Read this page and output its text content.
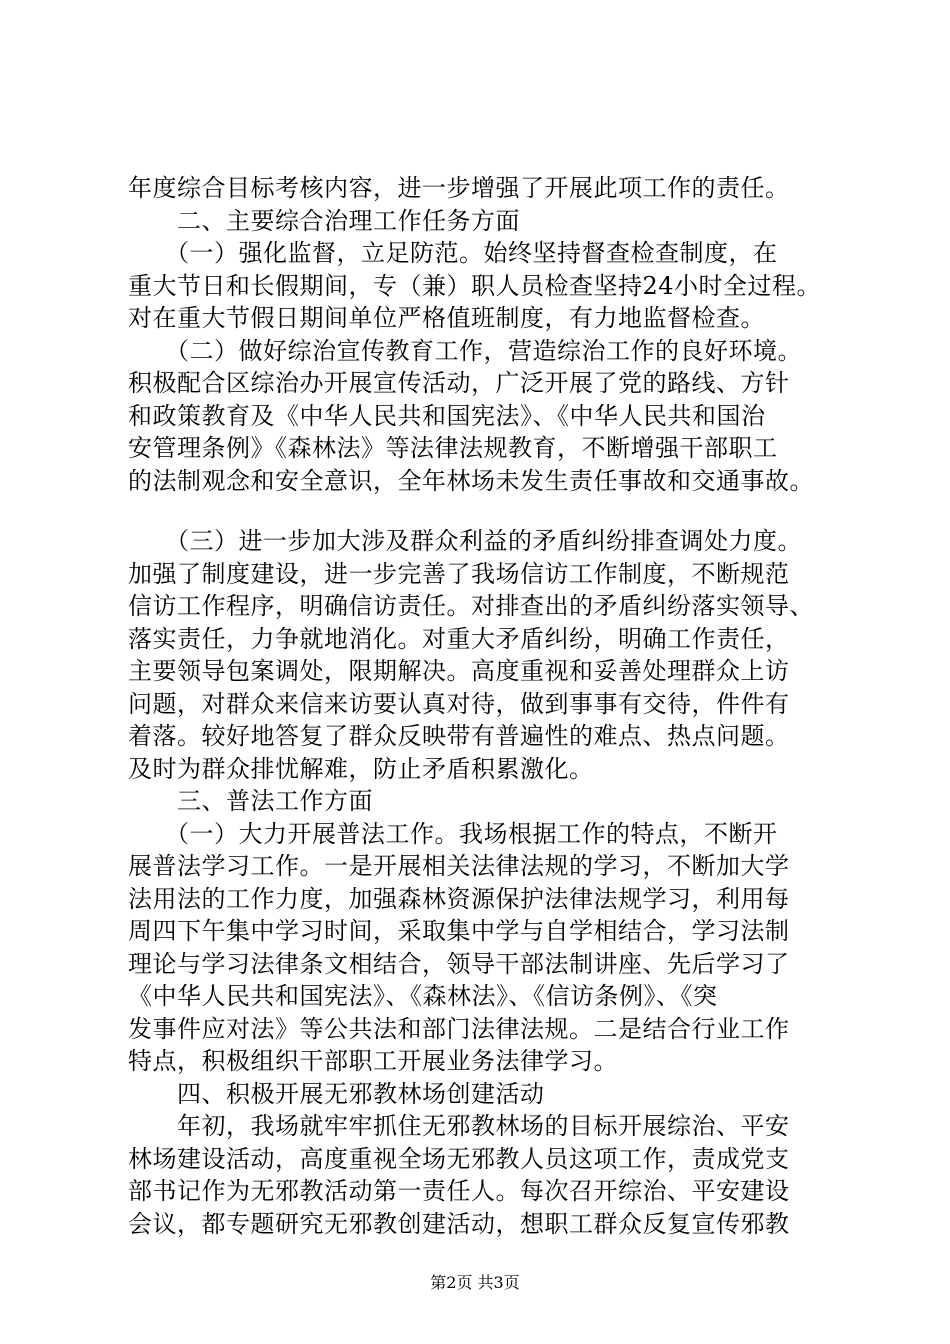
年度综合目标考核内容，进一步增强了开展此项工作的责任。
　　二、主要综合治理工作任务方面
　　（一）强化监督，立足防范。始终坚持督查检查制度，在
重大节日和长假期间，专（兼）职人员检查坚持24小时全过程。
对在重大节假日期间单位严格值班制度，有力地监督检查。
　　（二）做好综治宣传教育工作，营造综治工作的良好环境。
积极配合区综治办开展宣传活动，广泛开展了党的路线、方针
和政策教育及《中华人民共和国宪法》、《中华人民共和国治
安管理条例》《森林法》等法律法规教育，不断增强干部职工
的法制观念和安全意识，全年林场未发生责任事故和交通事故。
　　（三）进一步加大涉及群众利益的矛盾纠纷排查调处力度。
加强了制度建设，进一步完善了我场信访工作制度，不断规范
信访工作程序，明确信访责任。对排查出的矛盾纠纷落实领导、
落实责任，力争就地消化。对重大矛盾纠纷，明确工作责任，
主要领导包案调处，限期解决。高度重视和妥善处理群众上访
问题，对群众来信来访要认真对待，做到事事有交待，件件有
着落。较好地答复了群众反映带有普遍性的难点、热点问题。
及时为群众排忧解难，防止矛盾积累激化。
　　三、普法工作方面
　　（一）大力开展普法工作。我场根据工作的特点，不断开
展普法学习工作。一是开展相关法律法规的学习，不断加大学
法用法的工作力度，加强森林资源保护法律法规学习，利用每
周四下午集中学习时间，采取集中学与自学相结合，学习法制
理论与学习法律条文相结合，领导干部法制讲座、先后学习了
《中华人民共和国宪法》、《森林法》、《信访条例》、《突
发事件应对法》等公共法和部门法律法规。二是结合行业工作
特点，积极组织干部职工开展业务法律学习。
　　四、积极开展无邪教林场创建活动
　　年初，我场就牢牢抓住无邪教林场的目标开展综治、平安
林场建设活动，高度重视全场无邪教人员这项工作，责成党支
部书记作为无邪教活动第一责任人。每次召开综治、平安建设
会议，都专题研究无邪教创建活动，想职工群众反复宣传邪教
第2页 共3页
